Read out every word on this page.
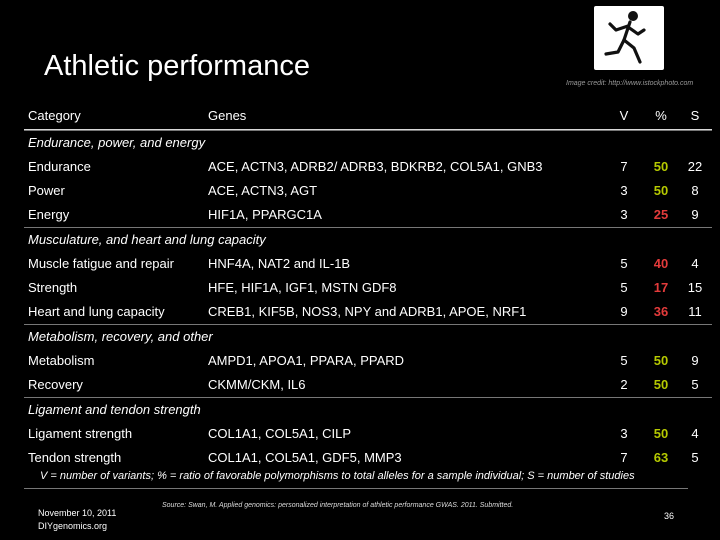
Athletic performance
Image credit: http://www.istockphoto.com
Category	Genes	V	%	S
Endurance, power, and energy
Endurance	ACE, ACTN3, ADRB2/ ADRB3, BDKRB2, COL5A1, GNB3	7	50	22
Power	ACE, ACTN3, AGT	3	50	8
Energy	HIF1A, PPARGC1A	3	25	9
Musculature, and heart and lung capacity
Muscle fatigue and repair	HNF4A, NAT2 and IL-1B	5	40	4
Strength	HFE, HIF1A, IGF1, MSTN GDF8	5	17	15
Heart and lung capacity	CREB1, KIF5B, NOS3, NPY and ADRB1, APOE, NRF1	9	36	11
Metabolism, recovery, and other
Metabolism	AMPD1, APOA1, PPARA, PPARD	5	50	9
Recovery	CKMM/CKM, IL6	2	50	5
Ligament and tendon strength
Ligament strength	COL1A1, COL5A1, CILP	3	50	4
Tendon strength	COL1A1, COL5A1, GDF5, MMP3	7	63	5
V = number of variants; % = ratio of favorable polymorphisms to total alleles for a sample individual; S = number of studies
November 10, 2011
DIYgenomics.org
Source: Swan, M. Applied genomics: personalized interpretation of athletic performance GWAS. 2011. Submitted.
36
